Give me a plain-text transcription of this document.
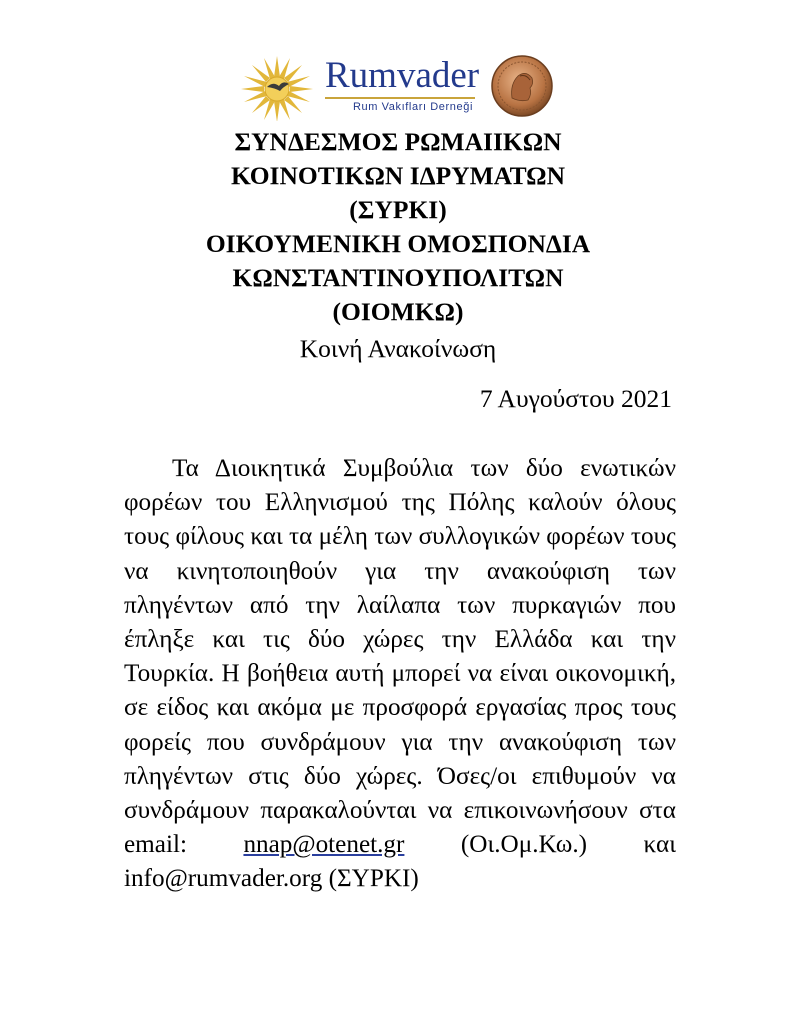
Rumvader
Rum Vakıfları Derneği

ΣΥΝΔΕΣΜΟΣ ΡΩΜΑΙΙΚΩΝ

ΚΟΙΝΟΤΙΚΩΝ ΙΔΡΥΜΑΤΩΝ

(ΣΥΡΚΙ)

ΟΙΚΟΥΜΕΝΙΚΗ ΟΜΟΣΠΟΝΔΙΑ

ΚΩΝΣΤΑΝΤΙΝΟΥΠΟΛΙΤΩΝ

(ΟΙΟΜΚΩ)

Κοινή Ανακοίνωση

7 Αυγούστου 2021

Τα Διοικητικά Συμβούλια των δύο ενωτικών φορέων του Ελληνισμού της Πόλης καλούν όλους τους φίλους και τα μέλη των συλλογικών φορέων τους να κινητοποιηθούν για την ανακούφιση των πληγέντων από την λαίλαπα των πυρκαγιών που έπληξε και τις δύο χώρες την Ελλάδα και την Τουρκία. Η βοήθεια αυτή μπορεί να είναι οικονομική, σε είδος και ακόμα με προσφορά εργασίας προς τους φορείς που συνδράμουν για την ανακούφιση των πληγέντων στις δύο χώρες. Όσες/οι επιθυμούν να συνδράμουν παρακαλούνται να επικοινωνήσουν στα email: nnap@otenet.gr (Οι.Ομ.Κω.) και info@rumvader.org (ΣΥΡΚΙ)
